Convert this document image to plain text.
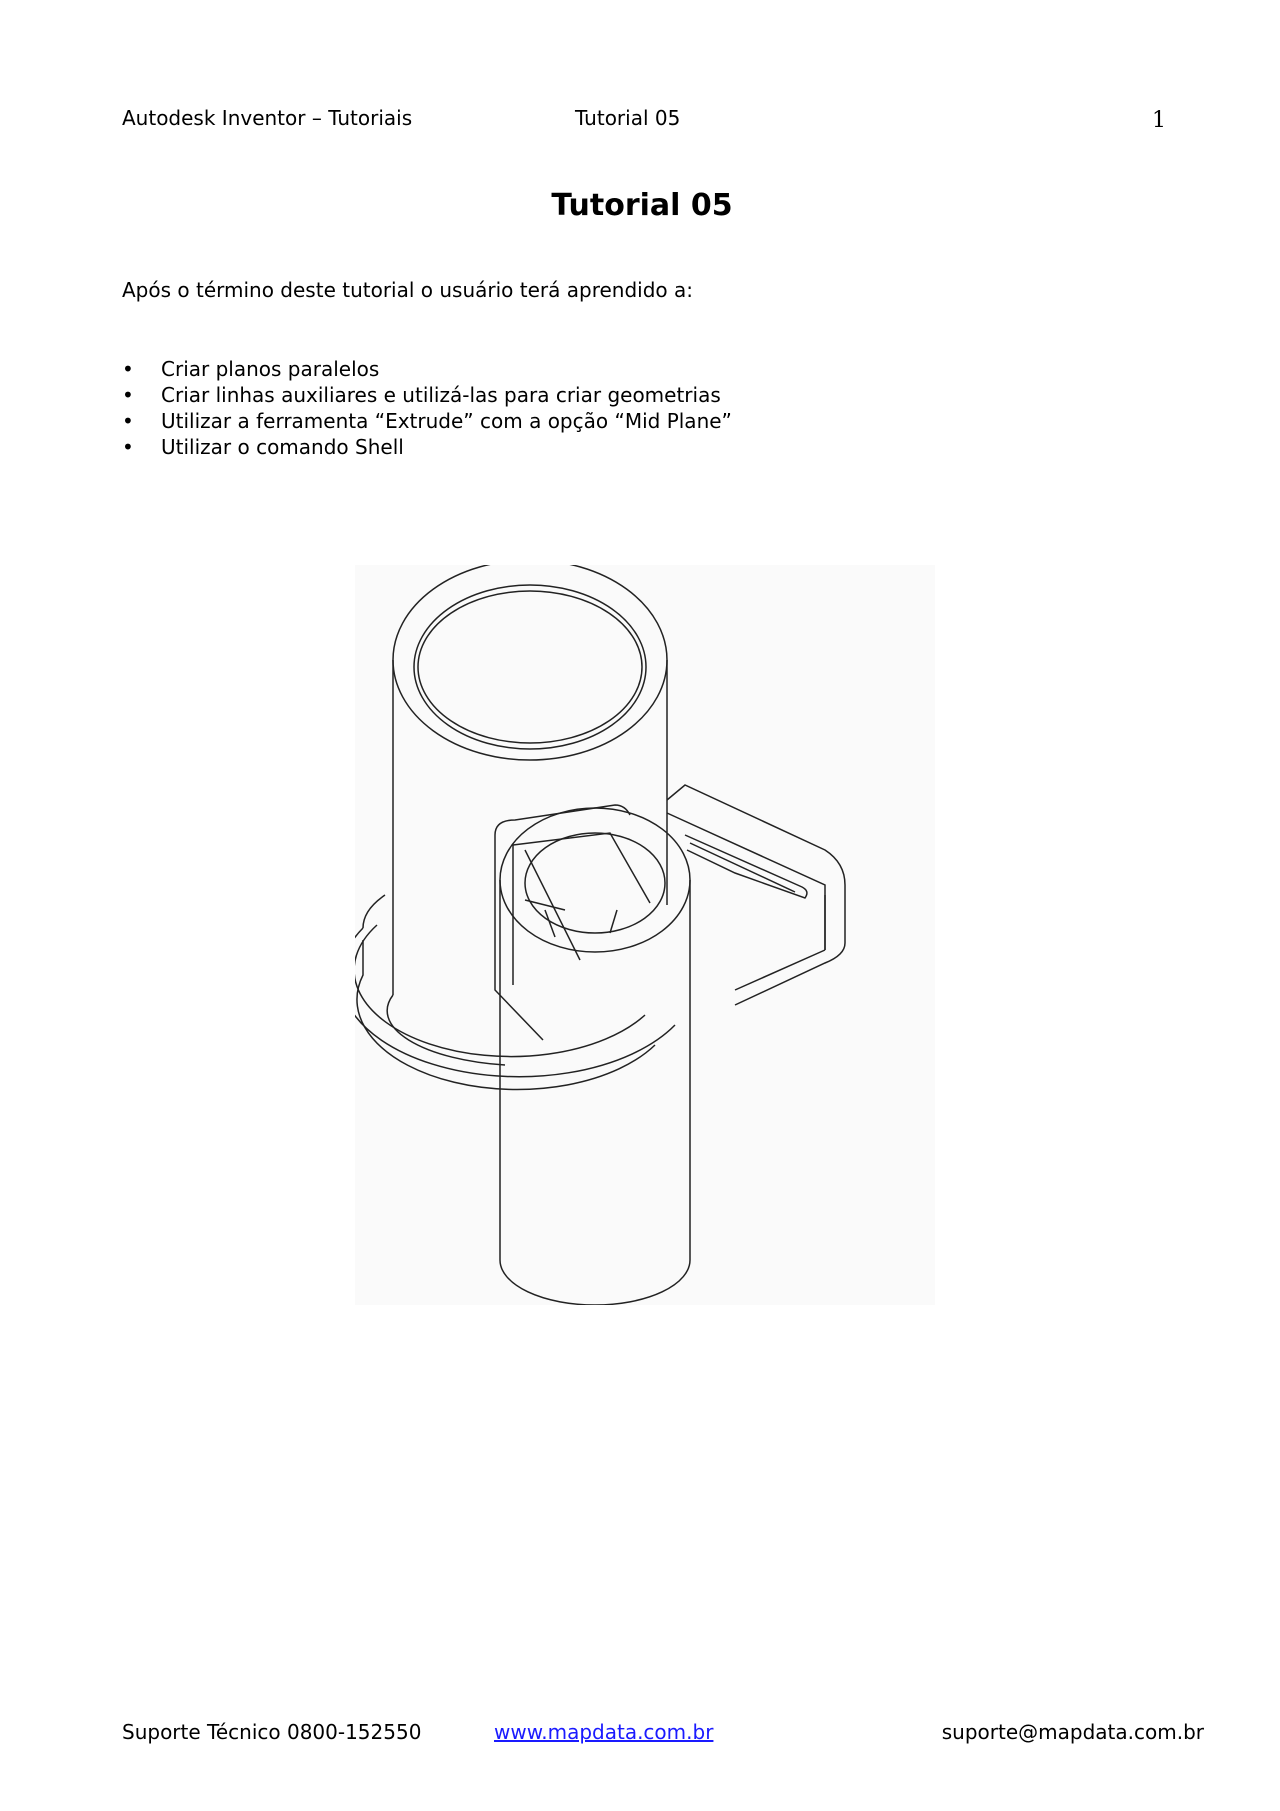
Autodesk Inventor – Tutoriais	Tutorial 05	1
Tutorial 05
Após o término deste tutorial o usuário terá aprendido a:
• Criar planos paralelos
• Criar linhas auxiliares e utilizá-las para criar geometrias
• Utilizar a ferramenta “Extrude” com a opção “Mid Plane”
• Utilizar o comando Shell
Suporte Técnico 0800-152550	www.mapdata.com.br	suporte@mapdata.com.br
